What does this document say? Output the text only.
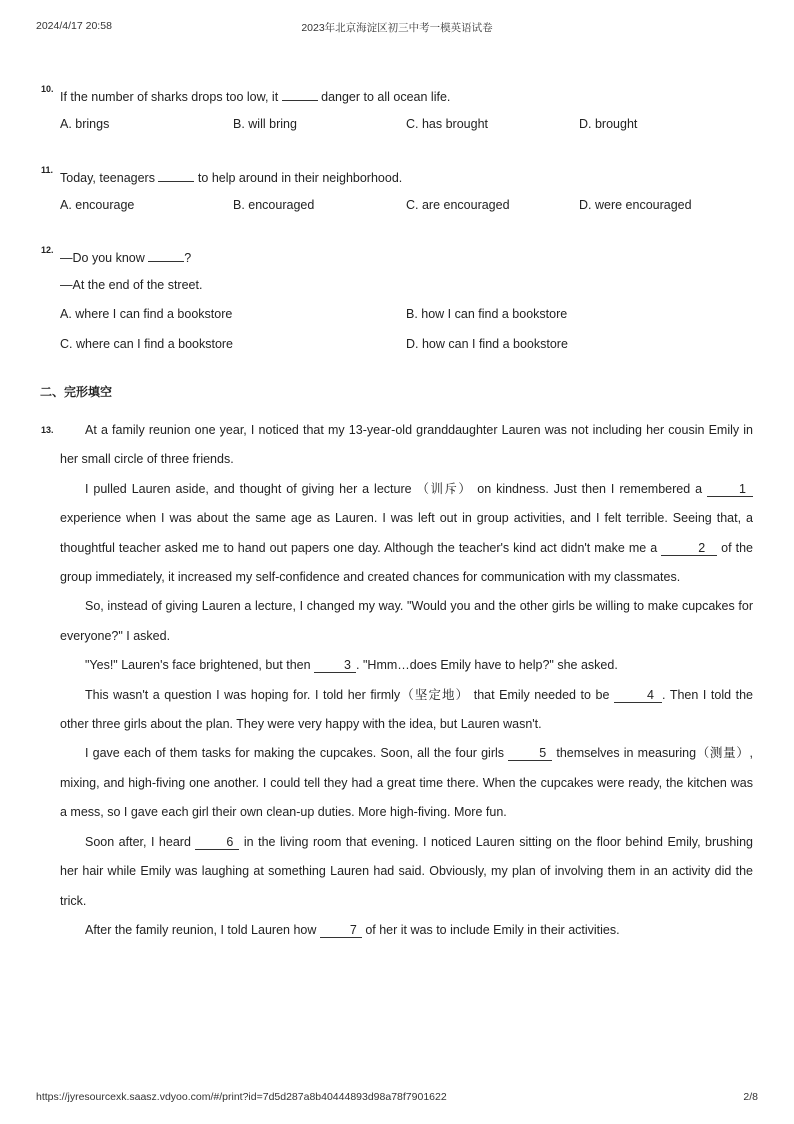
2024/4/17 20:58	2023年北京海淀区初三中考一模英语试卷
10.
If the number of sharks drops too low, it	danger to all ocean life.
A. brings	B. will bring	C. has brought	D. brought
11.
Today, teenagers	to help around in their neighborhood.
A. encourage	B. encouraged	C. are encouraged	D. were encouraged
12.
—Do you know	?
—At the end of the street.
A. where I can find a bookstore	B. how I can find a bookstore
C. where can I find a bookstore	D. how can I find a bookstore
二、完形填空
13.	At a family reunion one year, I noticed that my 13-year-old granddaughter Lauren was not including her cousin Emily in her small circle of three friends.

I pulled Lauren aside, and thought of giving her a lecture （训斥） on kindness. Just then I remembered a	1 experience when I was about the same age as Lauren. I was left out in group activities, and I felt terrible. Seeing that, a thoughtful teacher asked me to hand out papers one day. Although the teacher's kind act didn't make me a	2 of the group immediately, it increased my self-confidence and created chances for communication with my classmates.

So, instead of giving Lauren a lecture, I changed my way. "Would you and the other girls be willing to make cupcakes for everyone?" I asked.

"Yes!" Lauren's face brightened, but then 3 . "Hmm…does Emily have to help?" she asked.

This wasn't a question I was hoping for. I told her firmly（坚定地） that Emily needed to be	4 . Then I told the other three girls about the plan. They were very happy with the idea, but Lauren wasn't.

I gave each of them tasks for making the cupcakes. Soon, all the four girls 5 themselves in measuring（测量）, mixing, and high-fiving one another. I could tell they had a great time there. When the cupcakes were ready, the kitchen was a mess, so I gave each girl their own clean-up duties. More high-fiving. More fun.

Soon after, I heard 6 in the living room that evening. I noticed Lauren sitting on the floor behind Emily, brushing her hair while Emily was laughing at something Lauren had said. Obviously, my plan of involving them in an activity did the trick.

After the family reunion, I told Lauren how 7 of her it was to include Emily in their activities.

https://jyresourcexk.saasz.vdyoo.com/#/print?id=7d5d287a8b40444893d98a78f7901622	2/8
